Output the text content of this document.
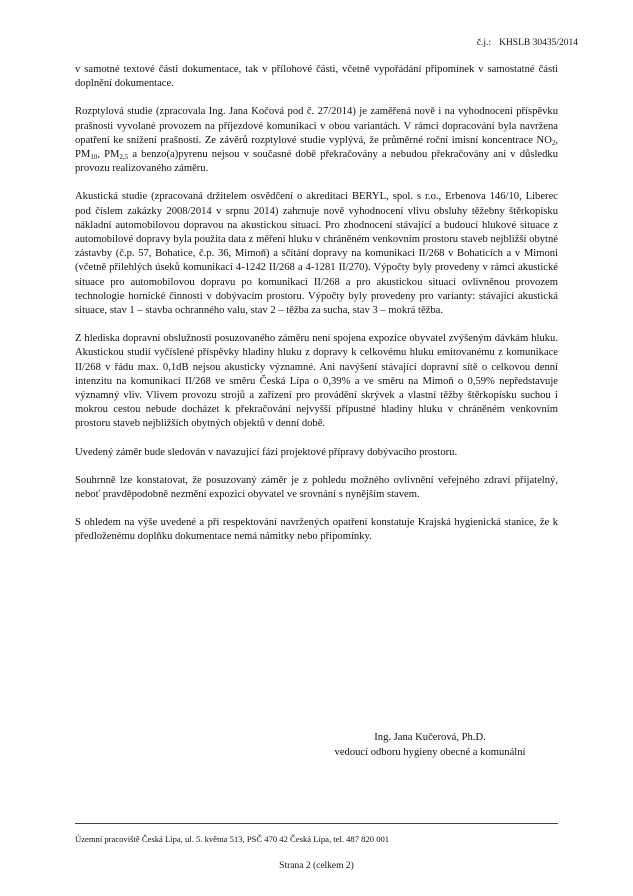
č.j.: KHSLB 30435/2014

v samotné textové části dokumentace, tak v přílohové části, včetně vypořádání připomínek v samostatné části doplnění dokumentace.

Rozptylová studie (zpracovala Ing. Jana Kočová pod č. 27/2014) je zaměřená nově i na vyhodnocení příspěvku prašnosti vyvolané provozem na příjezdové komunikaci v obou variantách. V rámci dopracování byla navržena opatření ke snížení prašnosti. Ze závěrů rozptylové studie vyplývá, že průměrné roční imisní koncentrace $NO_2$, $PM_{10}$, $PM_{2,5}$ a benzo(a)pyrenu nejsou v současné době překračovány a nebudou překračovány ani v důsledku provozu realizovaného záměru.

Akustická studie (zpracovaná držitelem osvědčení o akreditaci BERYL, spol. s r.o., Erbenova 146/10, Liberec pod číslem zakázky 2008/2014 v srpnu 2014) zahrnuje nově vyhodnocení vlivu obsluhy těžebny štěrkopísku nákladní automobilovou dopravou na akustickou situaci. Pro zhodnocení stávající a budoucí hlukové situace z automobilové dopravy byla použita data z měření hluku v chráněném venkovním prostoru staveb nejbližší obytné zástavby (č.p. 57, Bohatice, č.p. 36, Mimoň) a sčítání dopravy na komunikaci II/268 v Bohaticích a v Mimoni (včetně přilehlých úseků komunikací 4-1242 II/268 a 4-1281 II/270). Výpočty byly provedeny v rámci akustické situace pro automobilovou dopravu po komunikaci II/268 a pro akustickou situaci ovlivněnou provozem technologie hornické činnosti v dobývacím prostoru. Výpočty byly provedeny pro varianty: stávající akustická situace, stav 1 – stavba ochranného valu, stav 2 – těžba za sucha, stav 3 – mokrá těžba.

Z hlediska dopravní obslužnosti posuzovaného záměru není spojena expozice obyvatel zvýšeným dávkám hluku. Akustickou studií vyčíslené příspěvky hladiny hluku z dopravy k celkovému hluku emitovanému z komunikace II/268 v řádu max. 0,1dB nejsou akusticky významné. Ani navýšení stávající dopravní sítě o celkovou denní intenzitu na komunikaci II/268 ve směru Česká Lípa o 0,39% a ve směru na Mimoň o 0,59% nepředstavuje významný vliv. Vlivem provozu strojů a zařízení pro provádění skrývek a vlastní těžby štěrkopísku suchou i mokrou cestou nebude docházet k překračování nejvyšší přípustné hladiny hluku v chráněném venkovním prostoru staveb nejbližších obytných objektů v denní době.

Uvedený záměr bude sledován v navazující fázi projektové přípravy dobývacího prostoru.

Souhrnně lze konstatovat, že posuzovaný záměr je z pohledu možného ovlivnění veřejného zdraví přijatelný, neboť pravděpodobně nezmění expozici obyvatel ve srovnání s nynějším stavem.

S ohledem na výše uvedené a při respektování navržených opatření konstatuje Krajská hygienická stanice, že k předloženému doplňku dokumentace nemá námitky nebo připomínky.

Ing. Jana Kučerová, Ph.D.
vedoucí odboru hygieny obecné a komunální
Územní pracoviště Česká Lípa, ul. 5. května 513, PSČ 470 42 Česká Lípa, tel. 487 820 001
Strana 2 (celkem 2)
